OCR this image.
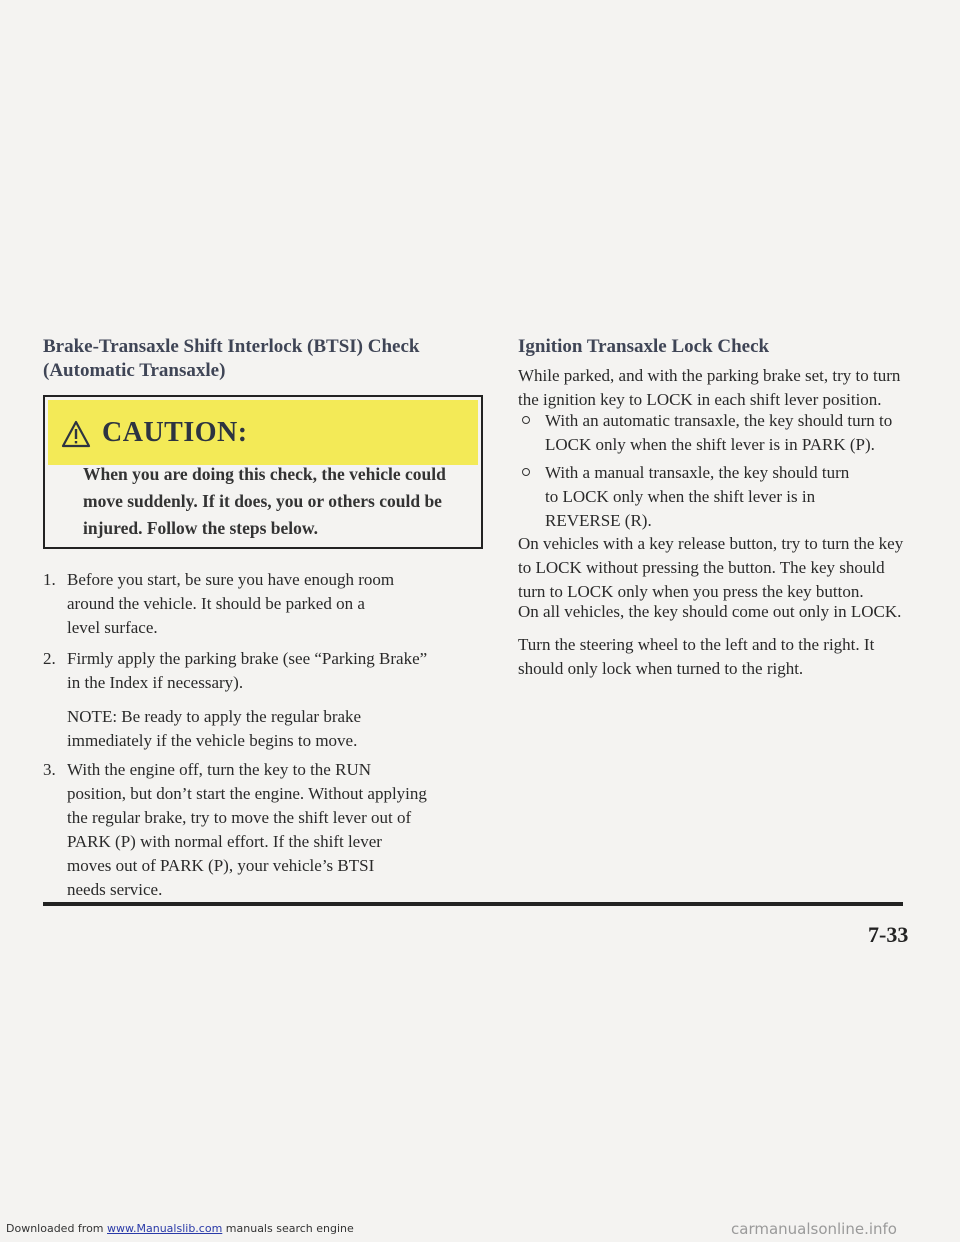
Brake-Transaxle Shift Interlock (BTSI) Check
(Automatic Transaxle)
CAUTION:
When you are doing this check, the vehicle could
move suddenly. If it does, you or others could be
injured. Follow the steps below.
1. Before you start, be sure you have enough room
around the vehicle. It should be parked on a
level surface.
2. Firmly apply the parking brake (see “Parking Brake”
in the Index if necessary).
NOTE: Be ready to apply the regular brake
immediately if the vehicle begins to move.
3. With the engine off, turn the key to the RUN
position, but don’t start the engine. Without applying
the regular brake, try to move the shift lever out of
PARK (P) with normal effort. If the shift lever
moves out of PARK (P), your vehicle’s BTSI
needs service.
Ignition Transaxle Lock Check
While parked, and with the parking brake set, try to turn
the ignition key to LOCK in each shift lever position.
With an automatic transaxle, the key should turn to
LOCK only when the shift lever is in PARK (P).
With a manual transaxle, the key should turn
to LOCK only when the shift lever is in
REVERSE (R).
On vehicles with a key release button, try to turn the key
to LOCK without pressing the button. The key should
turn to LOCK only when you press the key button.
On all vehicles, the key should come out only in LOCK.
Turn the steering wheel to the left and to the right. It
should only lock when turned to the right.
7-33
Downloaded from www.Manualslib.com manuals search engine	carmanualsonline.info
